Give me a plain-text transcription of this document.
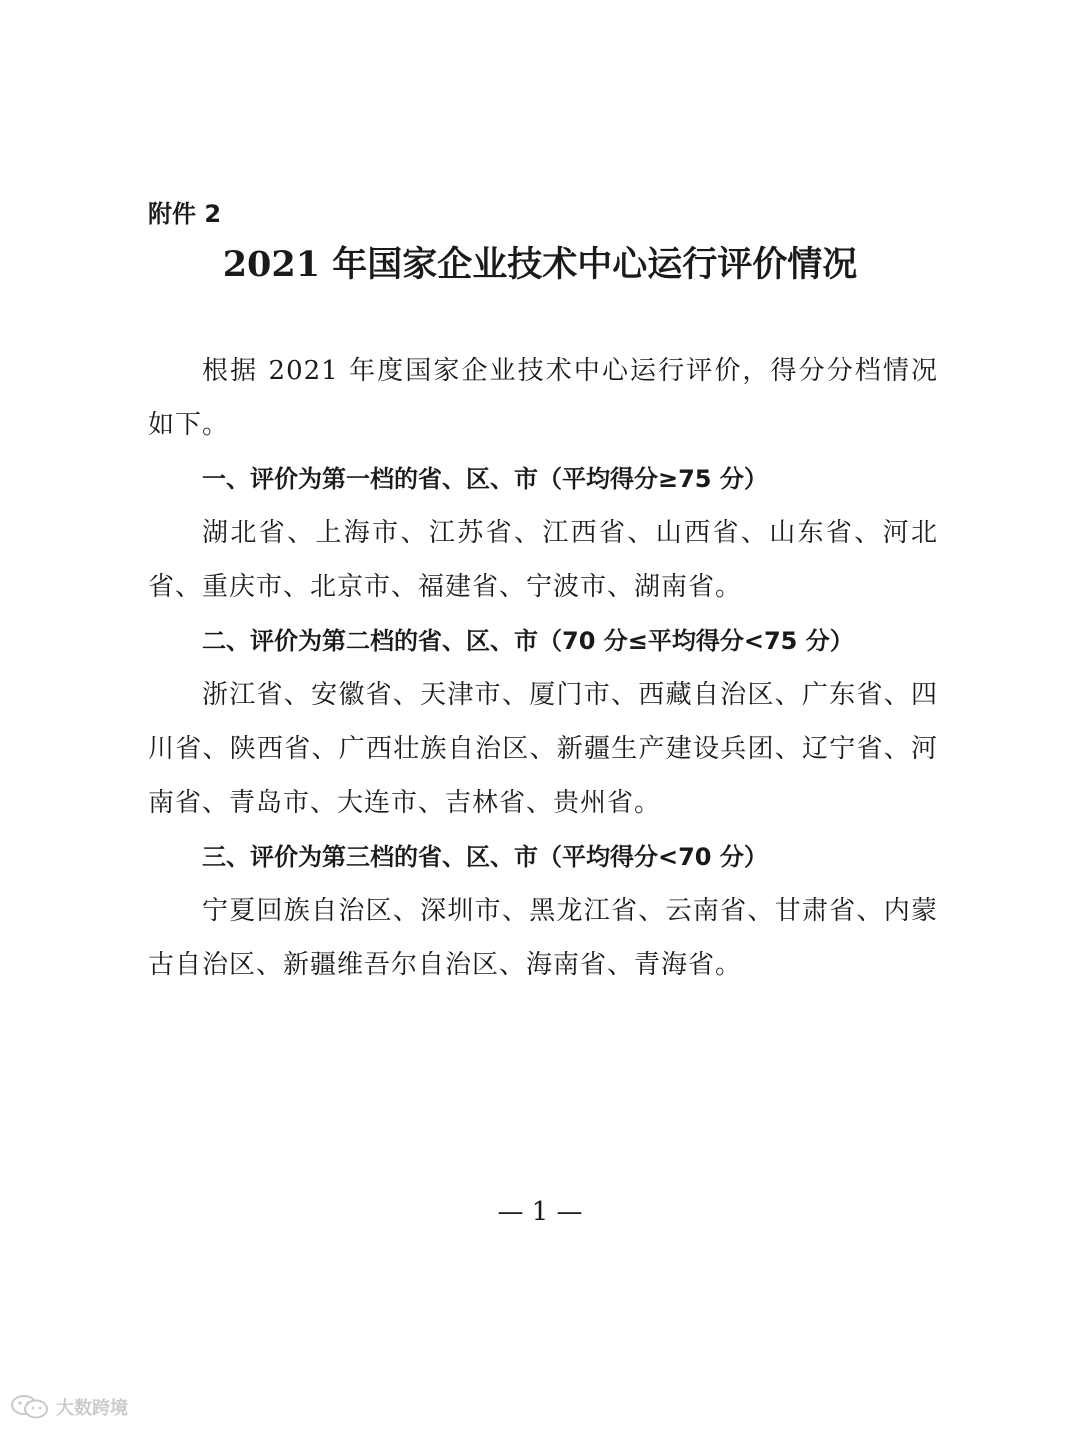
附件 2
2021 年国家企业技术中心运行评价情况

根据 2021 年度国家企业技术中心运行评价，得分分档情况如下。

一、评价为第一档的省、区、市（平均得分≥75 分）

湖北省、上海市、江苏省、江西省、山西省、山东省、河北省、重庆市、北京市、福建省、宁波市、湖南省。

二、评价为第二档的省、区、市（70 分≤平均得分<75 分）

浙江省、安徽省、天津市、厦门市、西藏自治区、广东省、四川省、陕西省、广西壮族自治区、新疆生产建设兵团、辽宁省、河南省、青岛市、大连市、吉林省、贵州省。

三、评价为第三档的省、区、市（平均得分<70 分）

宁夏回族自治区、深圳市、黑龙江省、云南省、甘肃省、内蒙古自治区、新疆维吾尔自治区、海南省、青海省。

— 1 —
大数跨境
